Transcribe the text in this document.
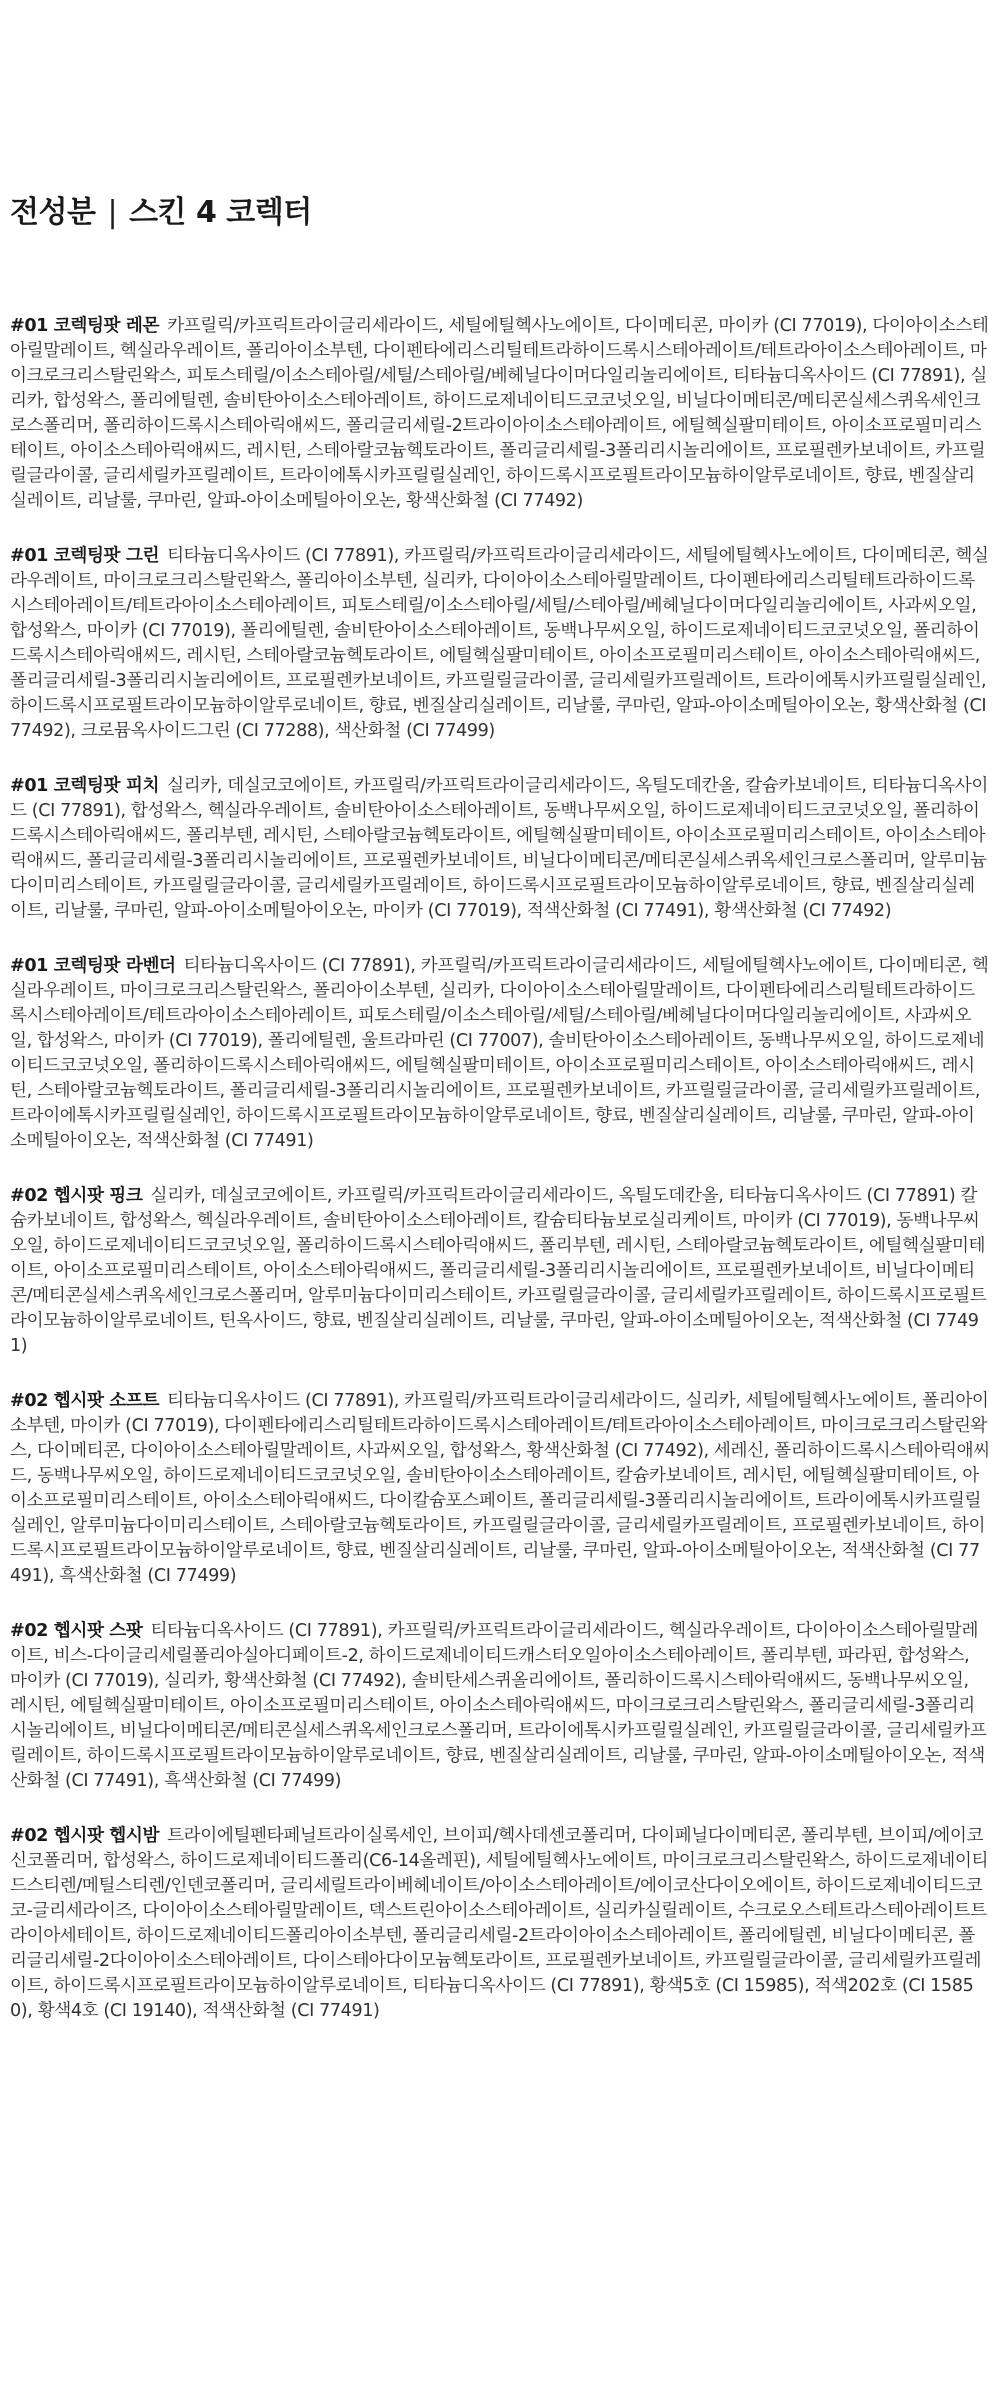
전성분 | 스킨 4 코렉터

#01 코렉팅팟 레몬 카프릴릭/카프릭트라이글리세라이드, 세틸에틸헥사노에이트, 다이메티콘, 마이카 (CI 77019), 다이아이소스테아릴말레이트, 헥실라우레이트, 폴리아이소부텐, 다이펜타에리스리틸테트라하이드록시스테아레이트/테트라아이소스테아레이트, 마이크로크리스탈린왁스, 피토스테릴/이소스테아릴/세틸/스테아릴/베헤닐다이머다일리놀리에이트, 티타늄디옥사이드 (CI 77891), 실리카, 합성왁스, 폴리에틸렌, 솔비탄아이소스테아레이트, 하이드로제네이티드코코넛오일, 비닐다이메티콘/메티콘실세스퀴옥세인크로스폴리머, 폴리하이드록시스테아릭애씨드, 폴리글리세릴-2트라이아이소스테아레이트, 에틸헥실팔미테이트, 아이소프로필미리스테이트, 아이소스테아릭애씨드, 레시틴, 스테아랄코늄헥토라이트, 폴리글리세릴-3폴리리시놀리에이트, 프로필렌카보네이트, 카프릴릴글라이콜, 글리세릴카프릴레이트, 트라이에톡시카프릴릴실레인, 하이드록시프로필트라이모늄하이알루로네이트, 향료, 벤질살리실레이트, 리날룰, 쿠마린, 알파-아이소메틸아이오논, 황색산화철 (CI 77492)

#01 코렉팅팟 그린 티타늄디옥사이드 (CI 77891), 카프릴릭/카프릭트라이글리세라이드, 세틸에틸헥사노에이트, 다이메티콘, 헥실라우레이트, 마이크로크리스탈린왁스, 폴리아이소부텐, 실리카, 다이아이소스테아릴말레이트, 다이펜타에리스리틸테트라하이드록시스테아레이트/테트라아이소스테아레이트, 피토스테릴/이소스테아릴/세틸/스테아릴/베헤닐다이머다일리놀리에이트, 사과씨오일, 합성왁스, 마이카 (CI 77019), 폴리에틸렌, 솔비탄아이소스테아레이트, 동백나무씨오일, 하이드로제네이티드코코넛오일, 폴리하이드록시스테아릭애씨드, 레시틴, 스테아랄코늄헥토라이트, 에틸헥실팔미테이트, 아이소프로필미리스테이트, 아이소스테아릭애씨드, 폴리글리세릴-3폴리리시놀리에이트, 프로필렌카보네이트, 카프릴릴글라이콜, 글리세릴카프릴레이트, 트라이에톡시카프릴릴실레인, 하이드록시프로필트라이모늄하이알루로네이트, 향료, 벤질살리실레이트, 리날룰, 쿠마린, 알파-아이소메틸아이오논, 황색산화철 (CI 77492), 크로뮴옥사이드그린 (CI 77288), 색산화철 (CI 77499)

#01 코렉팅팟 피치 실리카, 데실코코에이트, 카프릴릭/카프릭트라이글리세라이드, 옥틸도데칸올, 칼슘카보네이트, 티타늄디옥사이드 (CI 77891), 합성왁스, 헥실라우레이트, 솔비탄아이소스테아레이트, 동백나무씨오일, 하이드로제네이티드코코넛오일, 폴리하이드록시스테아릭애씨드, 폴리부텐, 레시틴, 스테아랄코늄헥토라이트, 에틸헥실팔미테이트, 아이소프로필미리스테이트, 아이소스테아릭애씨드, 폴리글리세릴-3폴리리시놀리에이트, 프로필렌카보네이트, 비닐다이메티콘/메티콘실세스퀴옥세인크로스폴리머, 알루미늄다이미리스테이트, 카프릴릴글라이콜, 글리세릴카프릴레이트, 하이드록시프로필트라이모늄하이알루로네이트, 향료, 벤질살리실레이트, 리날룰, 쿠마린, 알파-아이소메틸아이오논, 마이카 (CI 77019), 적색산화철 (CI 77491), 황색산화철 (CI 77492)

#01 코렉팅팟 라벤더 티타늄디옥사이드 (CI 77891), 카프릴릭/카프릭트라이글리세라이드, 세틸에틸헥사노에이트, 다이메티콘, 헥실라우레이트, 마이크로크리스탈린왁스, 폴리아이소부텐, 실리카, 다이아이소스테아릴말레이트, 다이펜타에리스리틸테트라하이드록시스테아레이트/테트라아이소스테아레이트, 피토스테릴/이소스테아릴/세틸/스테아릴/베헤닐다이머다일리놀리에이트, 사과씨오일, 합성왁스, 마이카 (CI 77019), 폴리에틸렌, 울트라마린 (CI 77007), 솔비탄아이소스테아레이트, 동백나무씨오일, 하이드로제네이티드코코넛오일, 폴리하이드록시스테아릭애씨드, 에틸헥실팔미테이트, 아이소프로필미리스테이트, 아이소스테아릭애씨드, 레시틴, 스테아랄코늄헥토라이트, 폴리글리세릴-3폴리리시놀리에이트, 프로필렌카보네이트, 카프릴릴글라이콜, 글리세릴카프릴레이트, 트라이에톡시카프릴릴실레인, 하이드록시프로필트라이모늄하이알루로네이트, 향료, 벤질살리실레이트, 리날룰, 쿠마린, 알파-아이소메틸아이오논, 적색산화철 (CI 77491)

#02 헵시팟 핑크 실리카, 데실코코에이트, 카프릴릭/카프릭트라이글리세라이드, 옥틸도데칸올, 티타늄디옥사이드 (CI 77891) 칼슘카보네이트, 합성왁스, 헥실라우레이트, 솔비탄아이소스테아레이트, 칼슘티타늄보로실리케이트, 마이카 (CI 77019), 동백나무씨오일, 하이드로제네이티드코코넛오일, 폴리하이드록시스테아릭애씨드, 폴리부텐, 레시틴, 스테아랄코늄헥토라이트, 에틸헥실팔미테이트, 아이소프로필미리스테이트, 아이소스테아릭애씨드, 폴리글리세릴-3폴리리시놀리에이트, 프로필렌카보네이트, 비닐다이메티콘/메티콘실세스퀴옥세인크로스폴리머, 알루미늄다이미리스테이트, 카프릴릴글라이콜, 글리세릴카프릴레이트, 하이드록시프로필트라이모늄하이알루로네이트, 틴옥사이드, 향료, 벤질살리실레이트, 리날룰, 쿠마린, 알파-아이소메틸아이오논, 적색산화철 (CI 77491)

#02 헵시팟 소프트 티타늄디옥사이드 (CI 77891), 카프릴릭/카프릭트라이글리세라이드, 실리카, 세틸에틸헥사노에이트, 폴리아이소부텐, 마이카 (CI 77019), 다이펜타에리스리틸테트라하이드록시스테아레이트/테트라아이소스테아레이트, 마이크로크리스탈린왁스, 다이메티콘, 다이아이소스테아릴말레이트, 사과씨오일, 합성왁스, 황색산화철 (CI 77492), 세레신, 폴리하이드록시스테아릭애씨드, 동백나무씨오일, 하이드로제네이티드코코넛오일, 솔비탄아이소스테아레이트, 칼슘카보네이트, 레시틴, 에틸헥실팔미테이트, 아이소프로필미리스테이트, 아이소스테아릭애씨드, 다이칼슘포스페이트, 폴리글리세릴-3폴리리시놀리에이트, 트라이에톡시카프릴릴실레인, 알루미늄다이미리스테이트, 스테아랄코늄헥토라이트, 카프릴릴글라이콜, 글리세릴카프릴레이트, 프로필렌카보네이트, 하이드록시프로필트라이모늄하이알루로네이트, 향료, 벤질살리실레이트, 리날룰, 쿠마린, 알파-아이소메틸아이오논, 적색산화철 (CI 77491), 흑색산화철 (CI 77499)

#02 헵시팟 스팟 티타늄디옥사이드 (CI 77891), 카프릴릭/카프릭트라이글리세라이드, 헥실라우레이트, 다이아이소스테아릴말레이트, 비스-다이글리세릴폴리아실아디페이트-2, 하이드로제네이티드캐스터오일아이소스테아레이트, 폴리부텐, 파라핀, 합성왁스, 마이카 (CI 77019), 실리카, 황색산화철 (CI 77492), 솔비탄세스퀴올리에이트, 폴리하이드록시스테아릭애씨드, 동백나무씨오일, 레시틴, 에틸헥실팔미테이트, 아이소프로필미리스테이트, 아이소스테아릭애씨드, 마이크로크리스탈린왁스, 폴리글리세릴-3폴리리시놀리에이트, 비닐다이메티콘/메티콘실세스퀴옥세인크로스폴리머, 트라이에톡시카프릴릴실레인, 카프릴릴글라이콜, 글리세릴카프릴레이트, 하이드록시프로필트라이모늄하이알루로네이트, 향료, 벤질살리실레이트, 리날룰, 쿠마린, 알파-아이소메틸아이오논, 적색산화철 (CI 77491), 흑색산화철 (CI 77499)

#02 헵시팟 헵시밤 트라이에틸펜타페닐트라이실록세인, 브이피/헥사데센코폴리머, 다이페닐다이메티콘, 폴리부텐, 브이피/에이코신코폴리머, 합성왁스, 하이드로제네이티드폴리(C6-14올레핀), 세틸에틸헥사노에이트, 마이크로크리스탈린왁스, 하이드로제네이티드스티렌/메틸스티렌/인덴코폴리머, 글리세릴트라이베헤네이트/아이소스테아레이트/에이코산다이오에이트, 하이드로제네이티드코코-글리세라이즈, 다이아이소스테아릴말레이트, 덱스트린아이소스테아레이트, 실리카실릴레이트, 수크로오스테트라스테아레이트트라이아세테이트, 하이드로제네이티드폴리아이소부텐, 폴리글리세릴-2트라이아이소스테아레이트, 폴리에틸렌, 비닐다이메티콘, 폴리글리세릴-2다이아이소스테아레이트, 다이스테아다이모늄헥토라이트, 프로필렌카보네이트, 카프릴릴글라이콜, 글리세릴카프릴레이트, 하이드록시프로필트라이모늄하이알루로네이트, 티타늄디옥사이드 (CI 77891), 황색5호 (CI 15985), 적색202호 (CI 15850), 황색4호 (CI 19140), 적색산화철 (CI 77491)
